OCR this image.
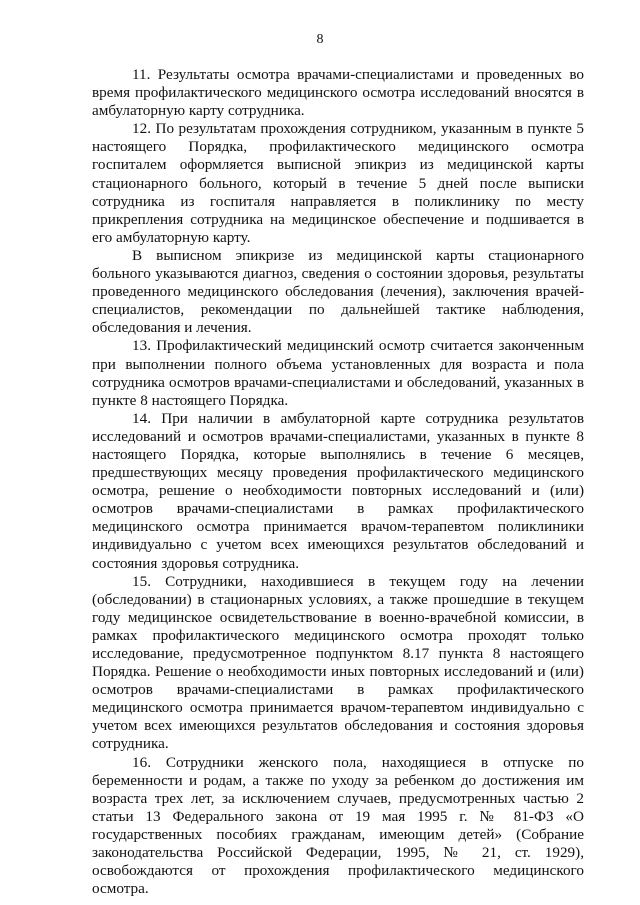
8

11. Результаты осмотра врачами-специалистами и проведенных во время профилактического медицинского осмотра исследований вносятся в амбулаторную карту сотрудника.

12. По результатам прохождения сотрудником, указанным в пункте 5 настоящего Порядка, профилактического медицинского осмотра госпиталем оформляется выписной эпикриз из медицинской карты стационарного больного, который в течение 5 дней после выписки сотрудника из госпиталя направляется в поликлинику по месту прикрепления сотрудника на медицинское обеспечение и подшивается в его амбулаторную карту.

В выписном эпикризе из медицинской карты стационарного больного указываются диагноз, сведения о состоянии здоровья, результаты проведенного медицинского обследования (лечения), заключения врачей-специалистов, рекомендации по дальнейшей тактике наблюдения, обследования и лечения.

13. Профилактический медицинский осмотр считается законченным при выполнении полного объема установленных для возраста и пола сотрудника осмотров врачами-специалистами и обследований, указанных в пункте 8 настоящего Порядка.

14. При наличии в амбулаторной карте сотрудника результатов исследований и осмотров врачами-специалистами, указанных в пункте 8 настоящего Порядка, которые выполнялись в течение 6 месяцев, предшествующих месяцу проведения профилактического медицинского осмотра, решение о необходимости повторных исследований и (или) осмотров врачами-специалистами в рамках профилактического медицинского осмотра принимается врачом-терапевтом поликлиники индивидуально с учетом всех имеющихся результатов обследований и состояния здоровья сотрудника.

15. Сотрудники, находившиеся в текущем году на лечении (обследовании) в стационарных условиях, а также прошедшие в текущем году медицинское освидетельствование в военно-врачебной комиссии, в рамках профилактического медицинского осмотра проходят только исследование, предусмотренное подпунктом 8.17 пункта 8 настоящего Порядка. Решение о необходимости иных повторных исследований и (или) осмотров врачами-специалистами в рамках профилактического медицинского осмотра принимается врачом-терапевтом индивидуально с учетом всех имеющихся результатов обследования и состояния здоровья сотрудника.

16. Сотрудники женского пола, находящиеся в отпуске по беременности и родам, а также по уходу за ребенком до достижения им возраста трех лет, за исключением случаев, предусмотренных частью 2 статьи 13 Федерального закона от 19 мая 1995 г. № 81-ФЗ «О государственных пособиях гражданам, имеющим детей» (Собрание законодательства Российской Федерации, 1995, № 21, ст. 1929), освобождаются от прохождения профилактического медицинского осмотра.
